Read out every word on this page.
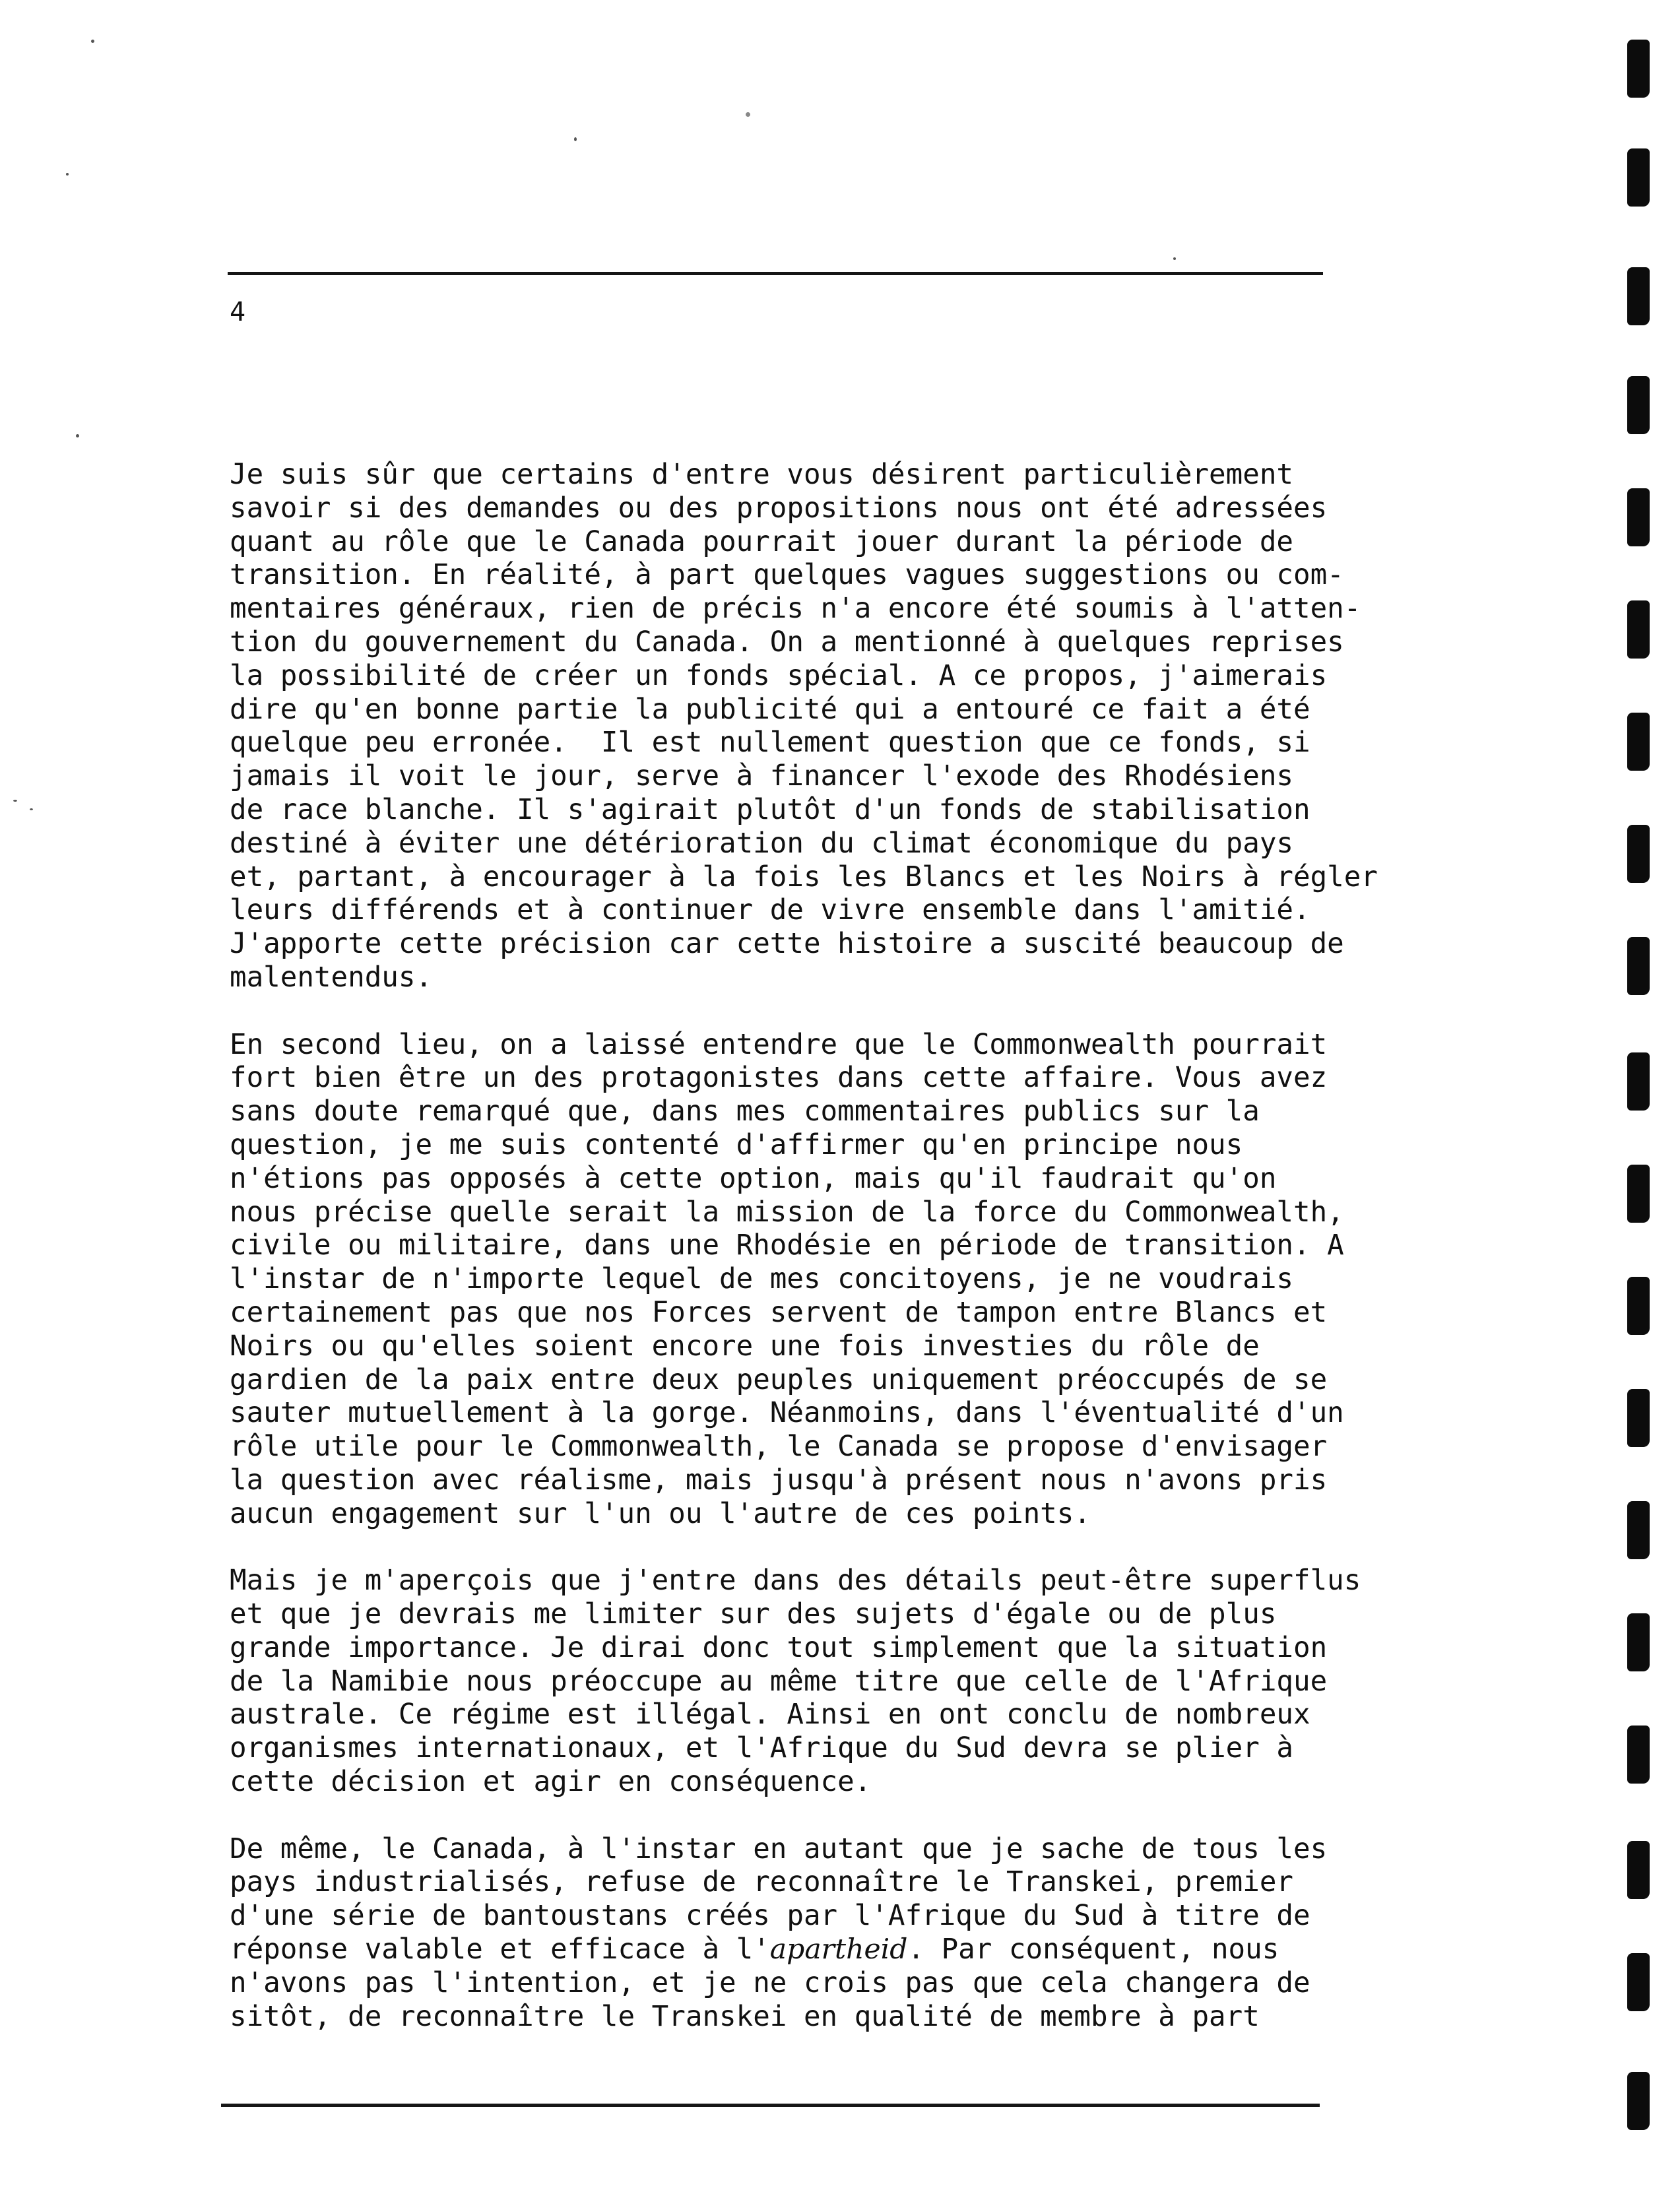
4
Je suis sûr que certains d'entre vous désirent particulièrement
savoir si des demandes ou des propositions nous ont été adressées
quant au rôle que le Canada pourrait jouer durant la période de
transition. En réalité, à part quelques vagues suggestions ou com-
mentaires généraux, rien de précis n'a encore été soumis à l'atten-
tion du gouvernement du Canada. On a mentionné à quelques reprises
la possibilité de créer un fonds spécial. A ce propos, j'aimerais
dire qu'en bonne partie la publicité qui a entouré ce fait a été
quelque peu erronée.  Il est nullement question que ce fonds, si
jamais il voit le jour, serve à financer l'exode des Rhodésiens
de race blanche. Il s'agirait plutôt d'un fonds de stabilisation
destiné à éviter une détérioration du climat économique du pays
et, partant, à encourager à la fois les Blancs et les Noirs à régler
leurs différends et à continuer de vivre ensemble dans l'amitié.
J'apporte cette précision car cette histoire a suscité beaucoup de
malentendus.
En second lieu, on a laissé entendre que le Commonwealth pourrait
fort bien être un des protagonistes dans cette affaire. Vous avez
sans doute remarqué que, dans mes commentaires publics sur la
question, je me suis contenté d'affirmer qu'en principe nous
n'étions pas opposés à cette option, mais qu'il faudrait qu'on
nous précise quelle serait la mission de la force du Commonwealth,
civile ou militaire, dans une Rhodésie en période de transition. A
l'instar de n'importe lequel de mes concitoyens, je ne voudrais
certainement pas que nos Forces servent de tampon entre Blancs et
Noirs ou qu'elles soient encore une fois investies du rôle de
gardien de la paix entre deux peuples uniquement préoccupés de se
sauter mutuellement à la gorge. Néanmoins, dans l'éventualité d'un
rôle utile pour le Commonwealth, le Canada se propose d'envisager
la question avec réalisme, mais jusqu'à présent nous n'avons pris
aucun engagement sur l'un ou l'autre de ces points.
Mais je m'aperçois que j'entre dans des détails peut-être superflus
et que je devrais me limiter sur des sujets d'égale ou de plus
grande importance. Je dirai donc tout simplement que la situation
de la Namibie nous préoccupe au même titre que celle de l'Afrique
australe. Ce régime est illégal. Ainsi en ont conclu de nombreux
organismes internationaux, et l'Afrique du Sud devra se plier à
cette décision et agir en conséquence.
De même, le Canada, à l'instar en autant que je sache de tous les
pays industrialisés, refuse de reconnaître le Transkei, premier
d'une série de bantoustans créés par l'Afrique du Sud à titre de
réponse valable et efficace à l'apartheid. Par conséquent, nous
n'avons pas l'intention, et je ne crois pas que cela changera de
sitôt, de reconnaître le Transkei en qualité de membre à part
